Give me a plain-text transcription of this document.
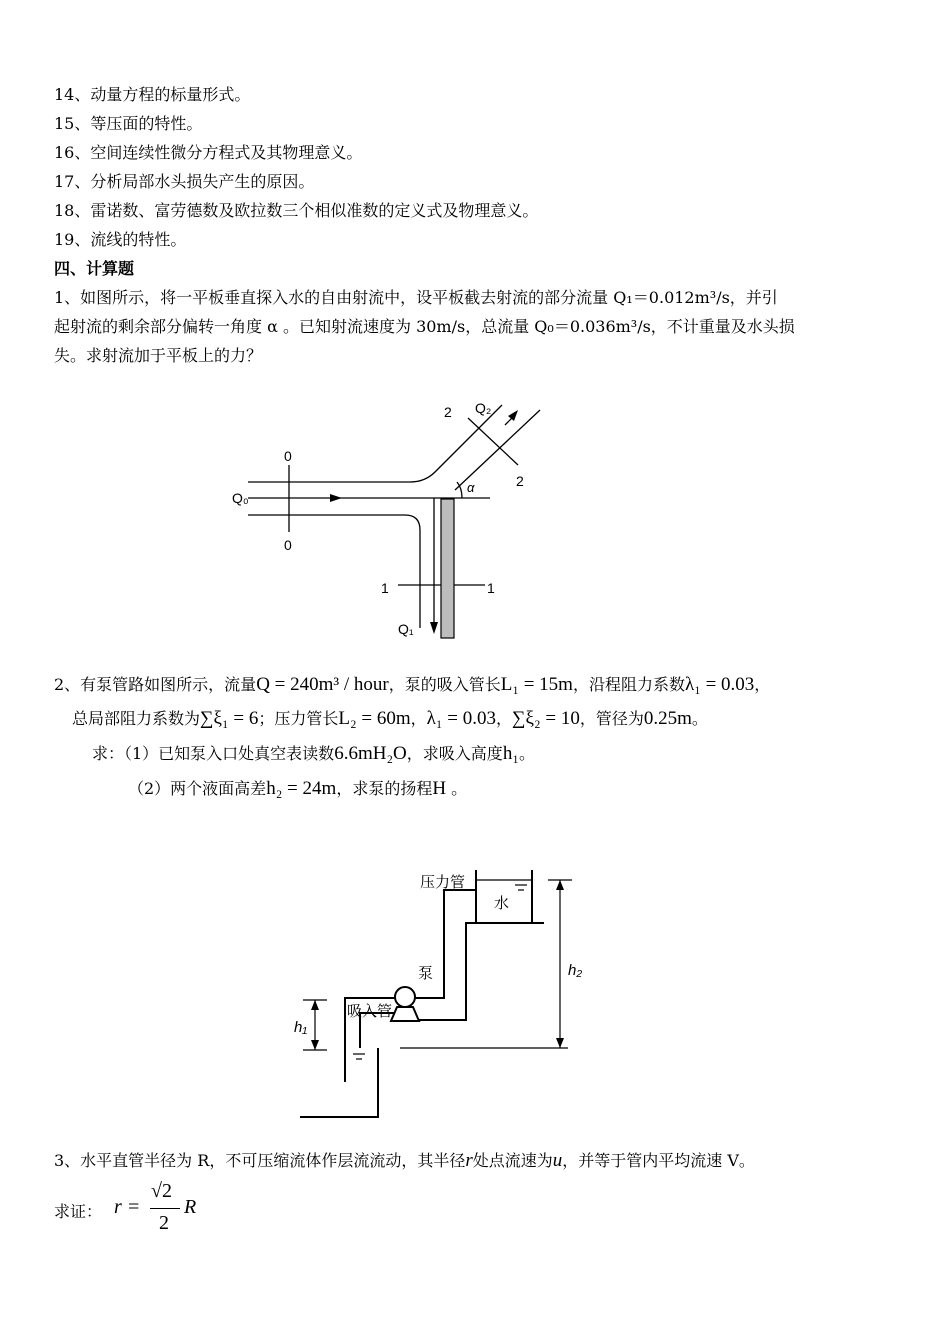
14、动量方程的标量形式。
15、等压面的特性。
16、空间连续性微分方程式及其物理意义。
17、分析局部水头损失产生的原因。
18、雷诺数、富劳德数及欧拉数三个相似准数的定义式及物理意义。
19、流线的特性。
四、计算题
1、如图所示，将一平板垂直探入水的自由射流中，设平板截去射流的部分流量 Q₁＝0.012m³/s，并引
起射流的剩余部分偏转一角度 α 。已知射流速度为 30m/s，总流量 Q₀＝0.036m³/s，不计重量及水头损
失。求射流加于平板上的力？
Q₀
0
0
1	1
Q₁
2
2
Q₂
α
2、有泵管路如图所示，流量Q = 240m³ / hour，泵的吸入管长L₁ = 15m，沿程阻力系数λ₁ = 0.03，
总局部阻力系数为∑ξ₁ = 6；压力管长L₂ = 60m，λ₁ = 0.03，∑ξ₂ = 10，管径为0.25m。
求：（1）已知泵入口处真空表读数6.6mH₂O，求吸入高度h₁。
（2）两个液面高差h₂ = 24m，求泵的扬程H 。
压力管
水
泵
吸入管
h₁
h₂
3、水平直管半径为 R，不可压缩流体作层流流动，其半径r处点流速为u，并等于管内平均流速 V。
求证： r =
√2
2
R
